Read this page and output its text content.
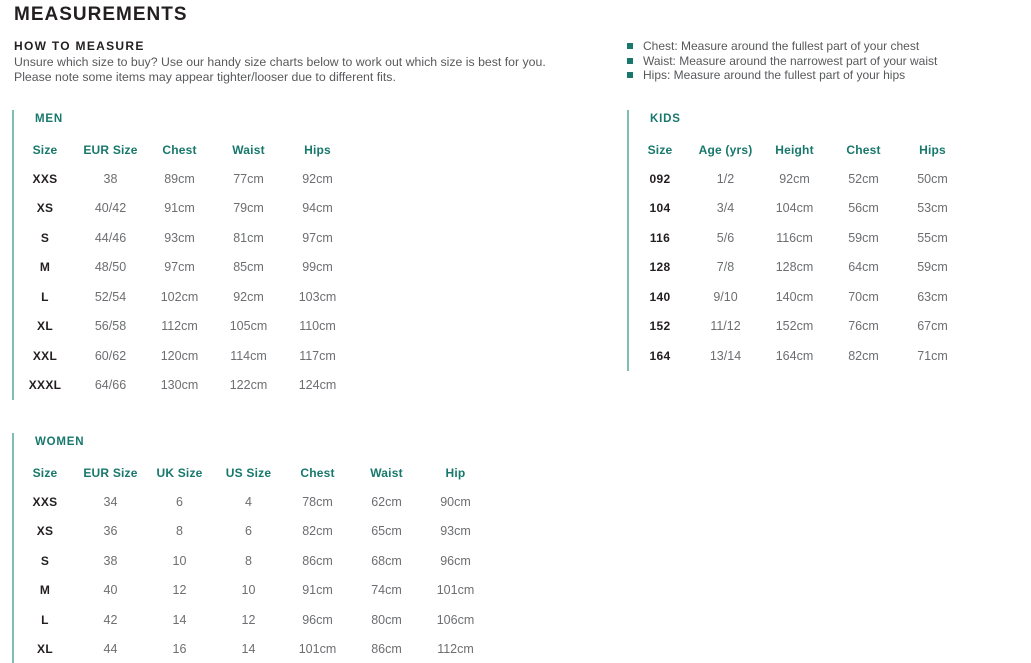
MEASUREMENTS
HOW TO MEASURE

Unsure which size to buy? Use our handy size charts below to work out which size is best for you.
Please note some items may appear tighter/looser due to different fits.

Chest: Measure around the fullest part of your chest
Waist: Measure around the narrowest part of your waist
Hips: Measure around the fullest part of your hips
MEN
Size	EUR Size	Chest	Waist	Hips
XXS	38	89cm	77cm	92cm
XS	40/42	91cm	79cm	94cm
S	44/46	93cm	81cm	97cm
M	48/50	97cm	85cm	99cm
L	52/54	102cm	92cm	103cm
XL	56/58	112cm	105cm	110cm
XXL	60/62	120cm	114cm	117cm
XXXL	64/66	130cm	122cm	124cm
KIDS
Size	Age (yrs)	Height	Chest	Hips
092	1/2	92cm	52cm	50cm
104	3/4	104cm	56cm	53cm
116	5/6	116cm	59cm	55cm
128	7/8	128cm	64cm	59cm
140	9/10	140cm	70cm	63cm
152	11/12	152cm	76cm	67cm
164	13/14	164cm	82cm	71cm
WOMEN
Size	EUR Size	UK Size	US Size	Chest	Waist	Hip
XXS	34	6	4	78cm	62cm	90cm
XS	36	8	6	82cm	65cm	93cm
S	38	10	8	86cm	68cm	96cm
M	40	12	10	91cm	74cm	101cm
L	42	14	12	96cm	80cm	106cm
XL	44	16	14	101cm	86cm	112cm
